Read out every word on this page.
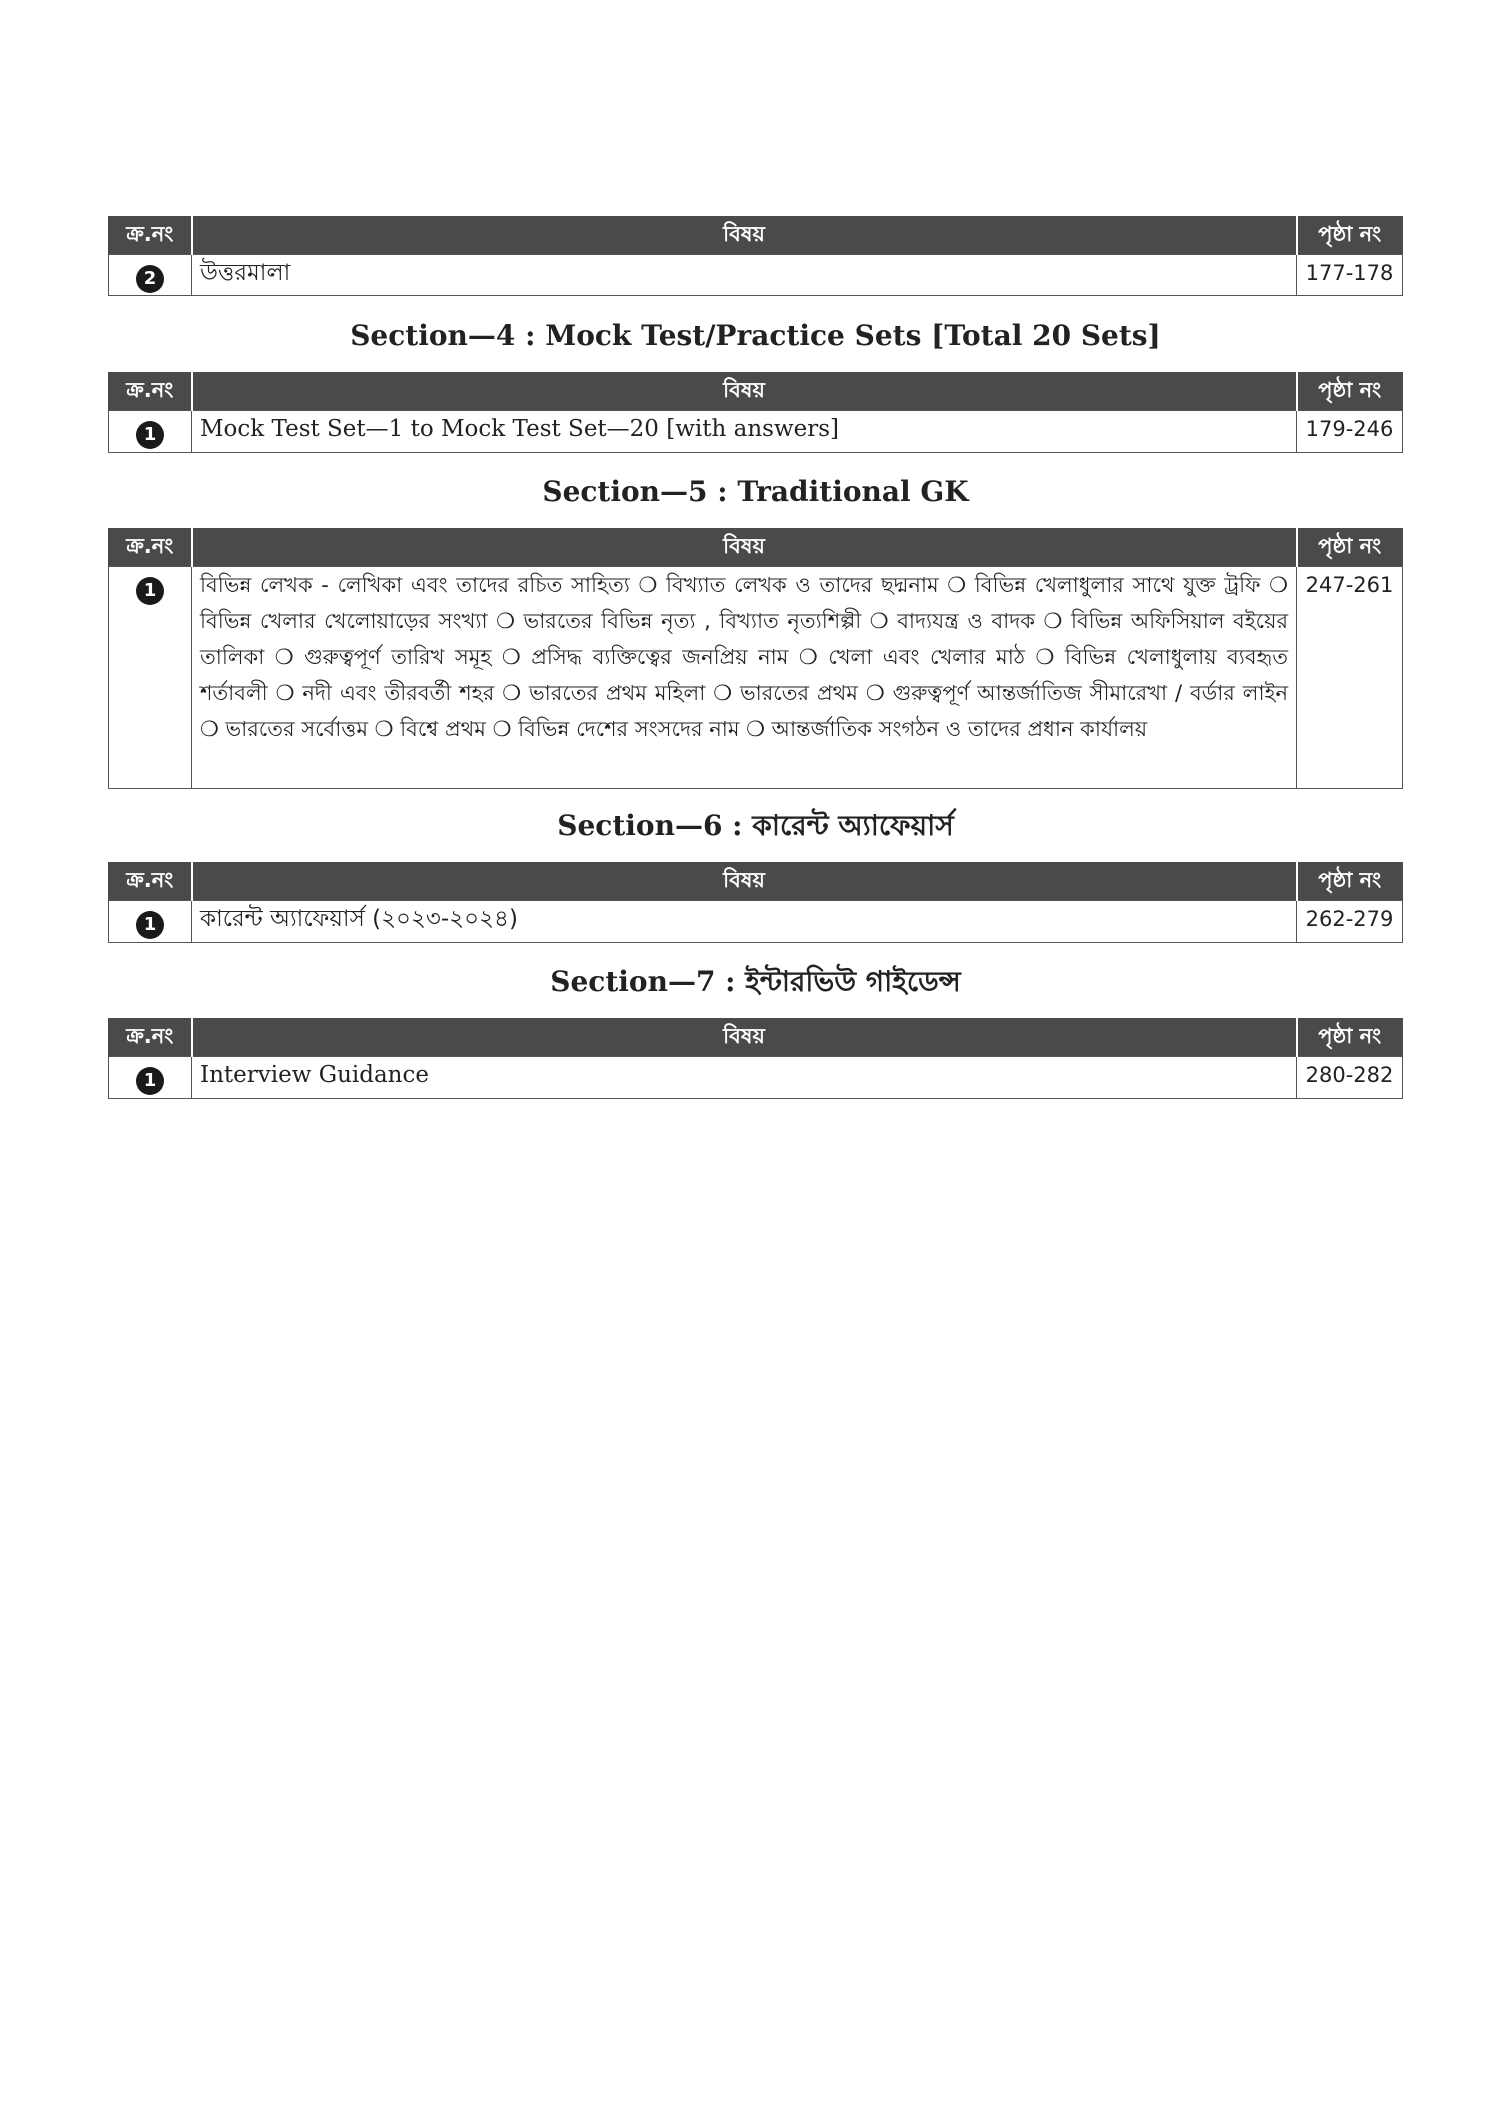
ক্র.নং	বিষয়	পৃষ্ঠা নং
2	উত্তরমালা	177-178
Section—4 : Mock Test/Practice Sets [Total 20 Sets]
ক্র.নং	বিষয়	পৃষ্ঠা নং
1	Mock Test Set—1 to Mock Test Set—20 [with answers]	179-246
Section—5 : Traditional GK
ক্র.নং	বিষয়	পৃষ্ঠা নং
1	বিভিন্ন লেখক - লেখিকা এবং তাদের রচিত সাহিত্য ❍ বিখ্যাত লেখক ও তাদের ছদ্মনাম ❍ বিভিন্ন খেলাধুলার সাথে যুক্ত ট্রফি ❍ বিভিন্ন খেলার খেলোয়াড়ের সংখ্যা ❍ ভারতের বিভিন্ন নৃত্য , বিখ্যাত নৃত্যশিল্পী ❍ বাদ্যযন্ত্র ও বাদক ❍ বিভিন্ন অফিসিয়াল বইয়ের তালিকা ❍ গুরুত্বপূর্ণ তারিখ সমূহ ❍ প্রসিদ্ধ ব্যক্তিত্বের জনপ্রিয় নাম ❍ খেলা এবং খেলার মাঠ ❍ বিভিন্ন খেলাধুলায় ব্যবহৃত শর্তাবলী ❍ নদী এবং তীরবর্তী শহর ❍ ভারতের প্রথম মহিলা ❍ ভারতের প্রথম ❍ গুরুত্বপূর্ণ আন্তর্জাতিজ সীমারেখা / বর্ডার লাইন ❍ ভারতের সর্বোত্তম ❍ বিশ্বে প্রথম ❍ বিভিন্ন দেশের সংসদের নাম ❍ আন্তর্জাতিক সংগঠন ও তাদের প্রধান কার্যালয়	247-261
Section—6 : কারেন্ট অ্যাফেয়ার্স
ক্র.নং	বিষয়	পৃষ্ঠা নং
1	কারেন্ট অ্যাফেয়ার্স (২০২৩-২০২৪)	262-279
Section—7 : ইন্টারভিউ গাইডেন্স
ক্র.নং	বিষয়	পৃষ্ঠা নং
1	Interview Guidance	280-282
